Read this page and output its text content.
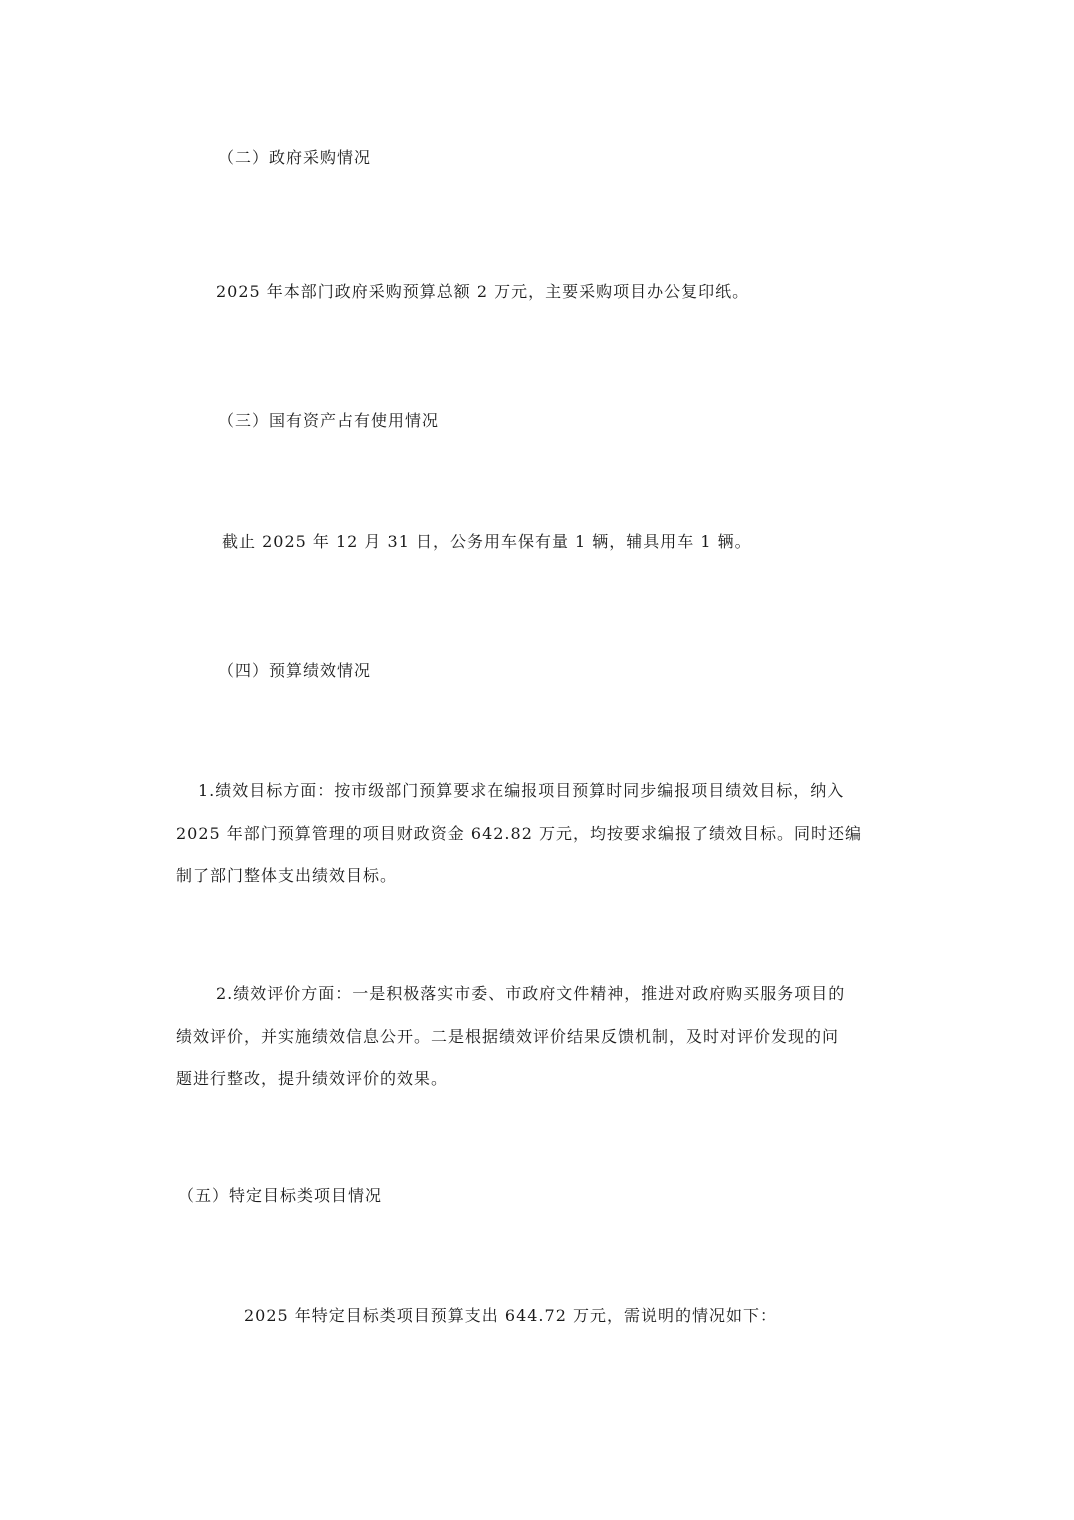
（二）政府采购情况
2025 年本部门政府采购预算总额 2 万元，主要采购项目办公复印纸。
（三）国有资产占有使用情况
截止 2025 年 12 月 31 日，公务用车保有量 1 辆，辅具用车 1 辆。
（四）预算绩效情况
1.绩效目标方面：按市级部门预算要求在编报项目预算时同步编报项目绩效目标，纳入
2025 年部门预算管理的项目财政资金 642.82 万元，均按要求编报了绩效目标。同时还编
制了部门整体支出绩效目标。
2.绩效评价方面：一是积极落实市委、市政府文件精神，推进对政府购买服务项目的
绩效评价，并实施绩效信息公开。二是根据绩效评价结果反馈机制，及时对评价发现的问
题进行整改，提升绩效评价的效果。
（五）特定目标类项目情况
2025 年特定目标类项目预算支出 644.72 万元，需说明的情况如下：
